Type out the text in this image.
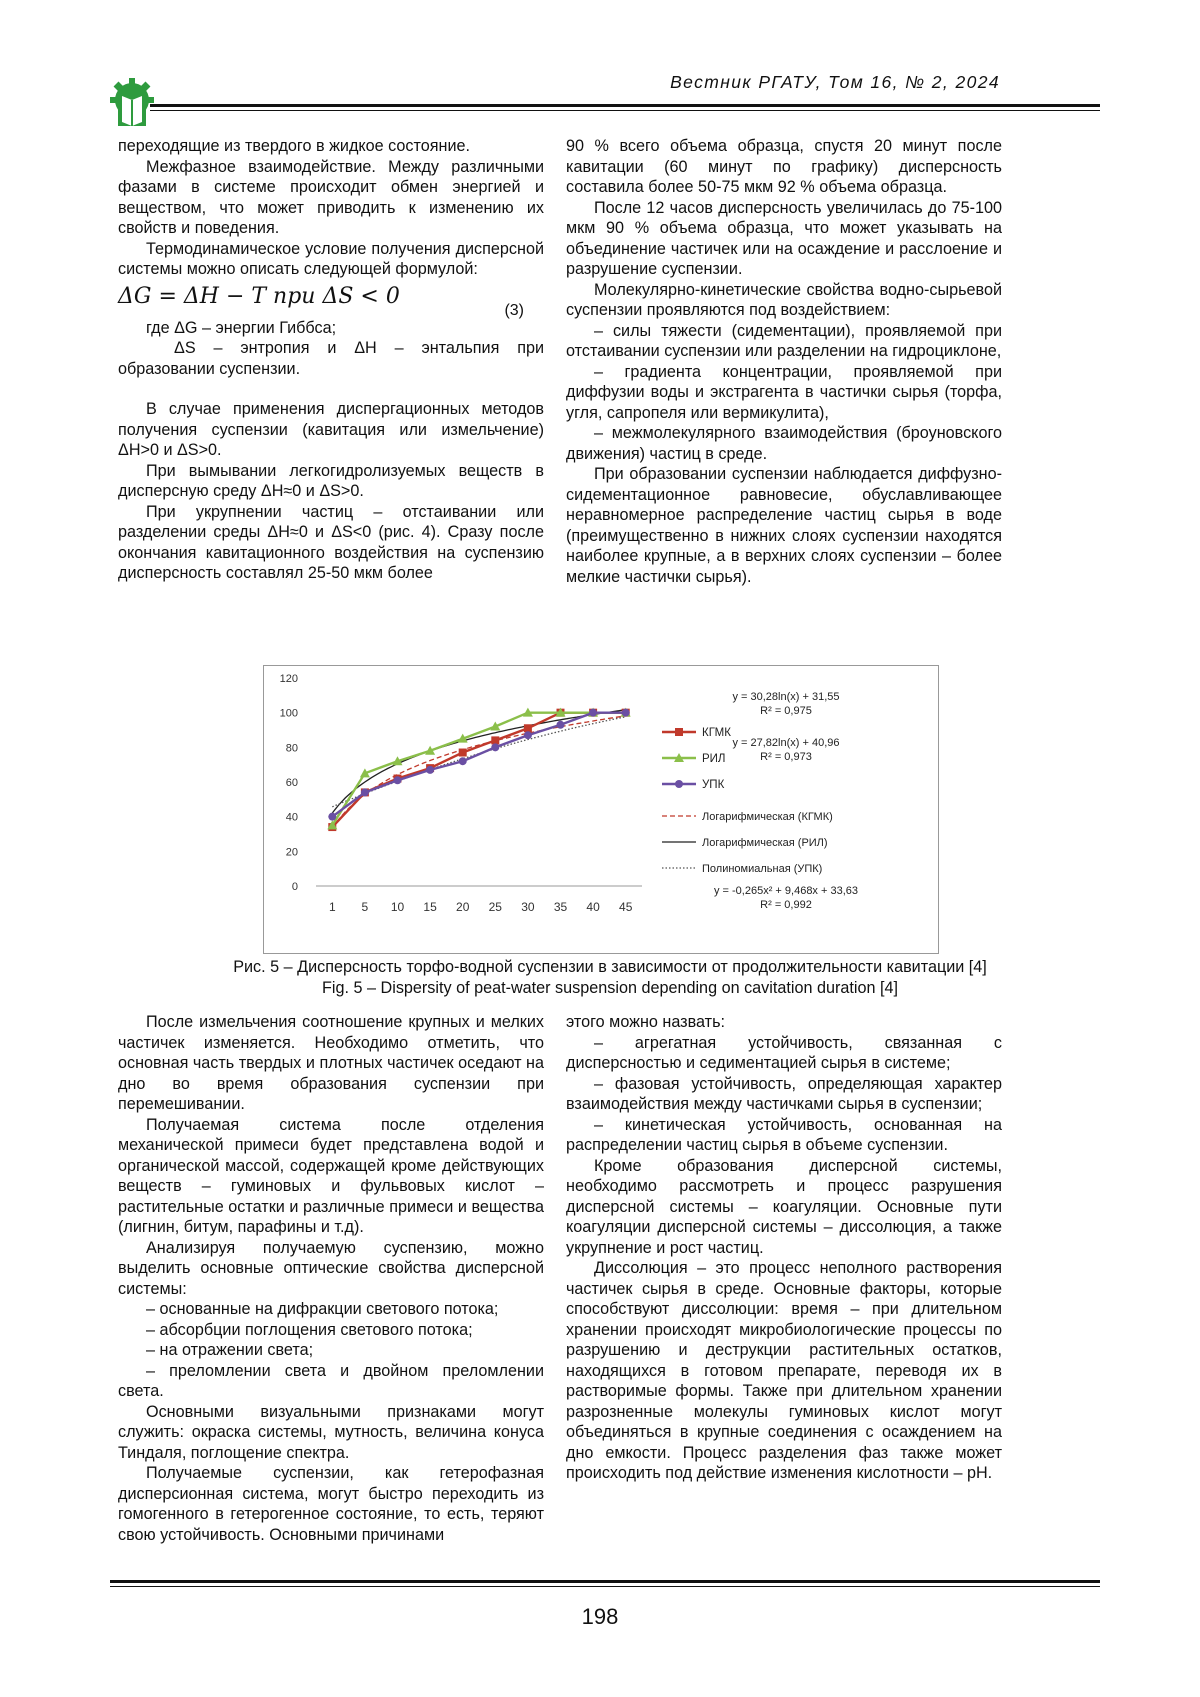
Вестник РГАТУ, Том 16, № 2, 2024

переходящие из твердого в жидкое состояние.

Межфазное взаимодействие. Между различными фазами в системе происходит обмен энергией и веществом, что может приводить к изменению их свойств и поведения.

Термодинамическое условие получения дисперсной системы можно описать следующей формулой:

ΔG = ΔH − T при ΔS < 0
(3)

где ΔG – энергии Гиббса;

ΔS – энтропия и ΔH – энтальпия при образовании суспензии.

В случае применения диспергационных методов получения суспензии (кавитация или измельчение) ΔH>0 и ΔS>0.

При вымывании легкогидролизуемых веществ в дисперсную среду ΔH≈0 и ΔS>0.

При укрупнении частиц – отстаивании или разделении среды ΔH≈0 и ΔS<0 (рис. 4). Сразу после окончания кавитационного воздействия на суспензию дисперсность составлял 25-50 мкм более

90 % всего объема образца, спустя 20 минут после кавитации (60 минут по графику) дисперсность составила более 50-75 мкм 92 % объема образца.

После 12 часов дисперсность увеличилась до 75-100 мкм 90 % объема образца, что может указывать на объединение частичек или на осаждение и расслоение и разрушение суспензии.

Молекулярно-кинетические свойства водно-сырьевой суспензии проявляются под воздействием:

– силы тяжести (сидементации), проявляемой при отстаивании суспензии или разделении на гидроциклоне,

– градиента концентрации, проявляемой при диффузии воды и экстрагента в частички сырья (торфа, угля, сапропеля или вермикулита),

– межмолекулярного взаимодействия (броуновского движения) частиц в среде.

При образовании суспензии наблюдается диффузно-сидементационное равновесие, обуславливающее неравномерное распределение частиц сырья в воде (преимущественно в нижних слоях суспензии находятся наиболее крупные, а в верхних слоях суспензии – более мелкие частички сырья).

0
20
40
60
80
100
120
1 5 10 15 20 25 30 35 40 45
КГМК
РИЛ
УПК
Логарифмическая (КГМК)
Логарифмическая (РИЛ)
Полиномиальная (УПК)
y = 30,28ln(x) + 31,55
R² = 0,975
y = 27,82ln(x) + 40,96
R² = 0,973
y = -0,265x² + 9,468x + 33,63
R² = 0,992
Рис. 5 – Дисперсность торфо-водной суспензии в зависимости от продолжительности кавитации [4]
Fig. 5 – Dispersity of peat-water suspension depending on cavitation duration [4]

После измельчения соотношение крупных и мелких частичек изменяется. Необходимо отметить, что основная часть твердых и плотных частичек оседают на дно во время образования суспензии при перемешивании.

Получаемая система после отделения механической примеси будет представлена водой и органической массой, содержащей кроме действующих веществ – гуминовых и фульвовых кислот –растительные остатки и различные примеси и вещества (лигнин, битум, парафины и т.д).

Анализируя получаемую суспензию, можно выделить основные оптические свойства дисперсной системы:

– основанные на дифракции светового потока;

– абсорбции поглощения светового потока;

– на отражении света;

– преломлении света и двойном преломлении света.

Основными визуальными признаками могут служить: окраска системы, мутность, величина конуса Тиндаля, поглощение спектра.

Получаемые суспензии, как гетерофазная дисперсионная система, могут быстро переходить из гомогенного в гетерогенное состояние, то есть, теряют свою устойчивость. Основными причинами

этого можно назвать:

– агрегатная устойчивость, связанная с дисперсностью и седиментацией сырья в системе;

– фазовая устойчивость, определяющая характер взаимодействия между частичками сырья в суспензии;

– кинетическая устойчивость, основанная на распределении частиц сырья в объеме суспензии.

Кроме образования дисперсной системы, необходимо рассмотреть и процесс разрушения дисперсной системы – коагуляции. Основные пути коагуляции дисперсной системы – диссолюция, а также укрупнение и рост частиц.

Диссолюция – это процесс неполного растворения частичек сырья в среде. Основные факторы, которые способствуют диссолюции: время – при длительном хранении происходят микробиологические процессы по разрушению и деструкции растительных остатков, находящихся в готовом препарате, переводя их в растворимые формы. Также при длительном хранении разрозненные молекулы гуминовых кислот могут объединяться в крупные соединения с осаждением на дно емкости. Процесс разделения фаз также может происходить под действие изменения кислотности – pH.

198
